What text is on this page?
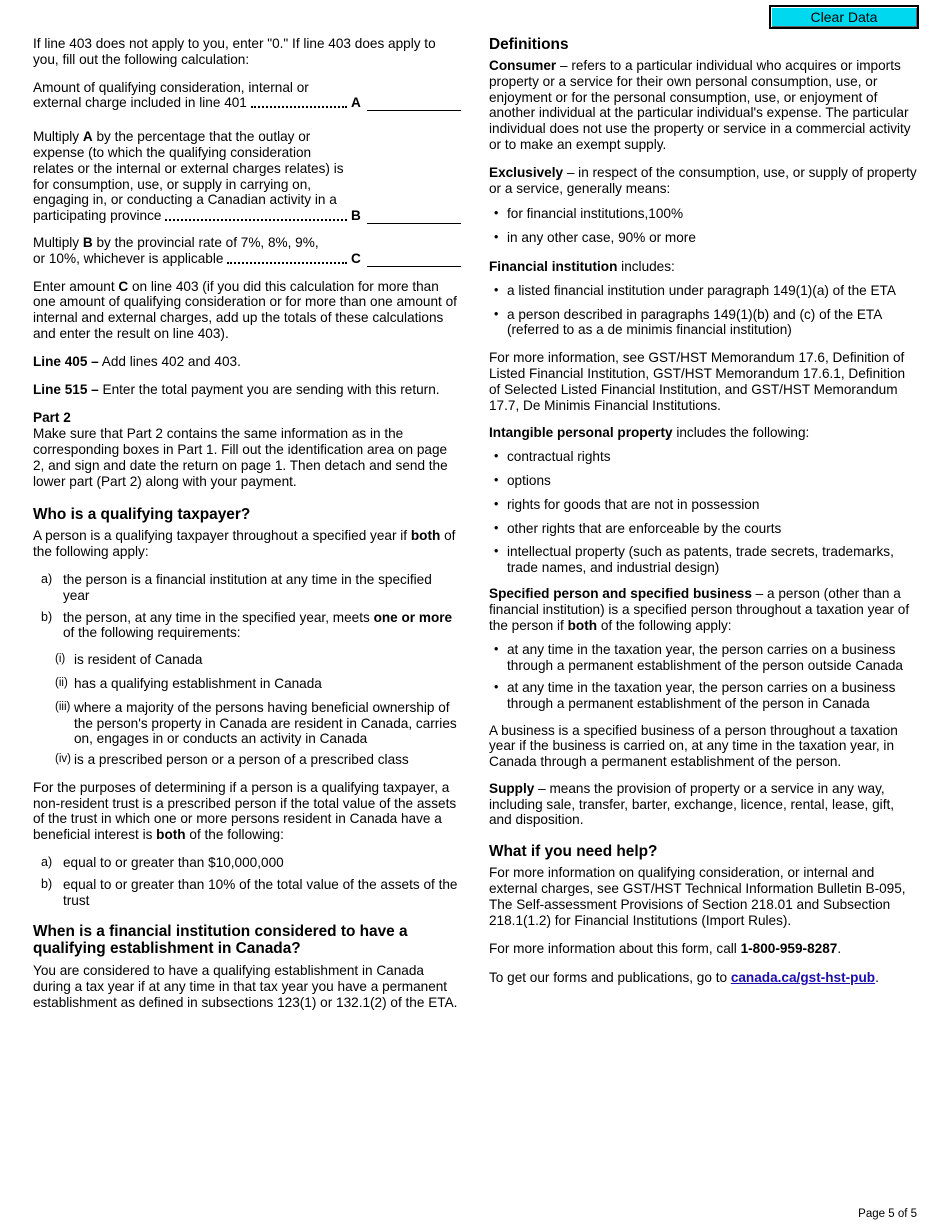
Clear Data

If line 403 does not apply to you, enter "0." If line 403 does apply to you, fill out the following calculation:

Amount of qualifying consideration, internal or
external charge included in line 401	A
Multiply A by the percentage that the outlay or expense (to which the qualifying consideration relates or the internal or external charges relates) is for consumption, use, or supply in carrying on, engaging in, or conducting a Canadian activity in a
participating province	B
Multiply B by the provincial rate of 7%, 8%, 9%,
or 10%, whichever is applicable	C

Enter amount C on line 403 (if you did this calculation for more than one amount of qualifying consideration or for more than one amount of internal and external charges, add up the totals of these calculations and enter the result on line 403).

Line 405 – Add lines 402 and 403.

Line 515 – Enter the total payment you are sending with this return.

Part 2

Make sure that Part 2 contains the same information as in the corresponding boxes in Part 1. Fill out the identification area on page 2, and sign and date the return on page 1. Then detach and send the lower part (Part 2) along with your payment.

Who is a qualifying taxpayer?

A person is a qualifying taxpayer throughout a specified year if both of the following apply:

a) the person is a financial institution at any time in the specified year
b) the person, at any time in the specified year, meets one or more of the following requirements:
(i) is resident of Canada
(ii) has a qualifying establishment in Canada
(iii) where a majority of the persons having beneficial ownership of the person's property in Canada are resident in Canada, carries on, engages in or conducts an activity in Canada
(iv) is a prescribed person or a person of a prescribed class

For the purposes of determining if a person is a qualifying taxpayer, a non-resident trust is a prescribed person if the total value of the assets of the trust in which one or more persons resident in Canada have a beneficial interest is both of the following:

a) equal to or greater than $10,000,000
b) equal to or greater than 10% of the total value of the assets of the trust

When is a financial institution considered to have a qualifying establishment in Canada?

You are considered to have a qualifying establishment in Canada during a tax year if at any time in that tax year you have a permanent establishment as defined in subsections 123(1) or 132.1(2) of the ETA.

Definitions

Consumer – refers to a particular individual who acquires or imports property or a service for their own personal consumption, use, or enjoyment or for the personal consumption, use, or enjoyment of another individual at the particular individual's expense. The particular individual does not use the property or service in a commercial activity or to make an exempt supply.

Exclusively – in respect of the consumption, use, or supply of property or a service, generally means:

• for financial institutions,100%
• in any other case, 90% or more

Financial institution includes:

• a listed financial institution under paragraph 149(1)(a) of the ETA
• a person described in paragraphs 149(1)(b) and (c) of the ETA (referred to as a de minimis financial institution)

For more information, see GST/HST Memorandum 17.6, Definition of Listed Financial Institution, GST/HST Memorandum 17.6.1, Definition of Selected Listed Financial Institution, and GST/HST Memorandum 17.7, De Minimis Financial Institutions.

Intangible personal property includes the following:

• contractual rights
• options
• rights for goods that are not in possession
• other rights that are enforceable by the courts
• intellectual property (such as patents, trade secrets, trademarks, trade names, and industrial design)

Specified person and specified business – a person (other than a financial institution) is a specified person throughout a taxation year of the person if both of the following apply:

• at any time in the taxation year, the person carries on a business through a permanent establishment of the person outside Canada
• at any time in the taxation year, the person carries on a business through a permanent establishment of the person in Canada

A business is a specified business of a person throughout a taxation year if the business is carried on, at any time in the taxation year, in Canada through a permanent establishment of the person.

Supply – means the provision of property or a service in any way, including sale, transfer, barter, exchange, licence, rental, lease, gift, and disposition.

What if you need help?

For more information on qualifying consideration, or internal and external charges, see GST/HST Technical Information Bulletin B-095, The Self-assessment Provisions of Section 218.01 and Subsection 218.1(1.2) for Financial Institutions (Import Rules).

For more information about this form, call 1-800-959-8287.

To get our forms and publications, go to canada.ca/gst-hst-pub.

Page 5 of 5
